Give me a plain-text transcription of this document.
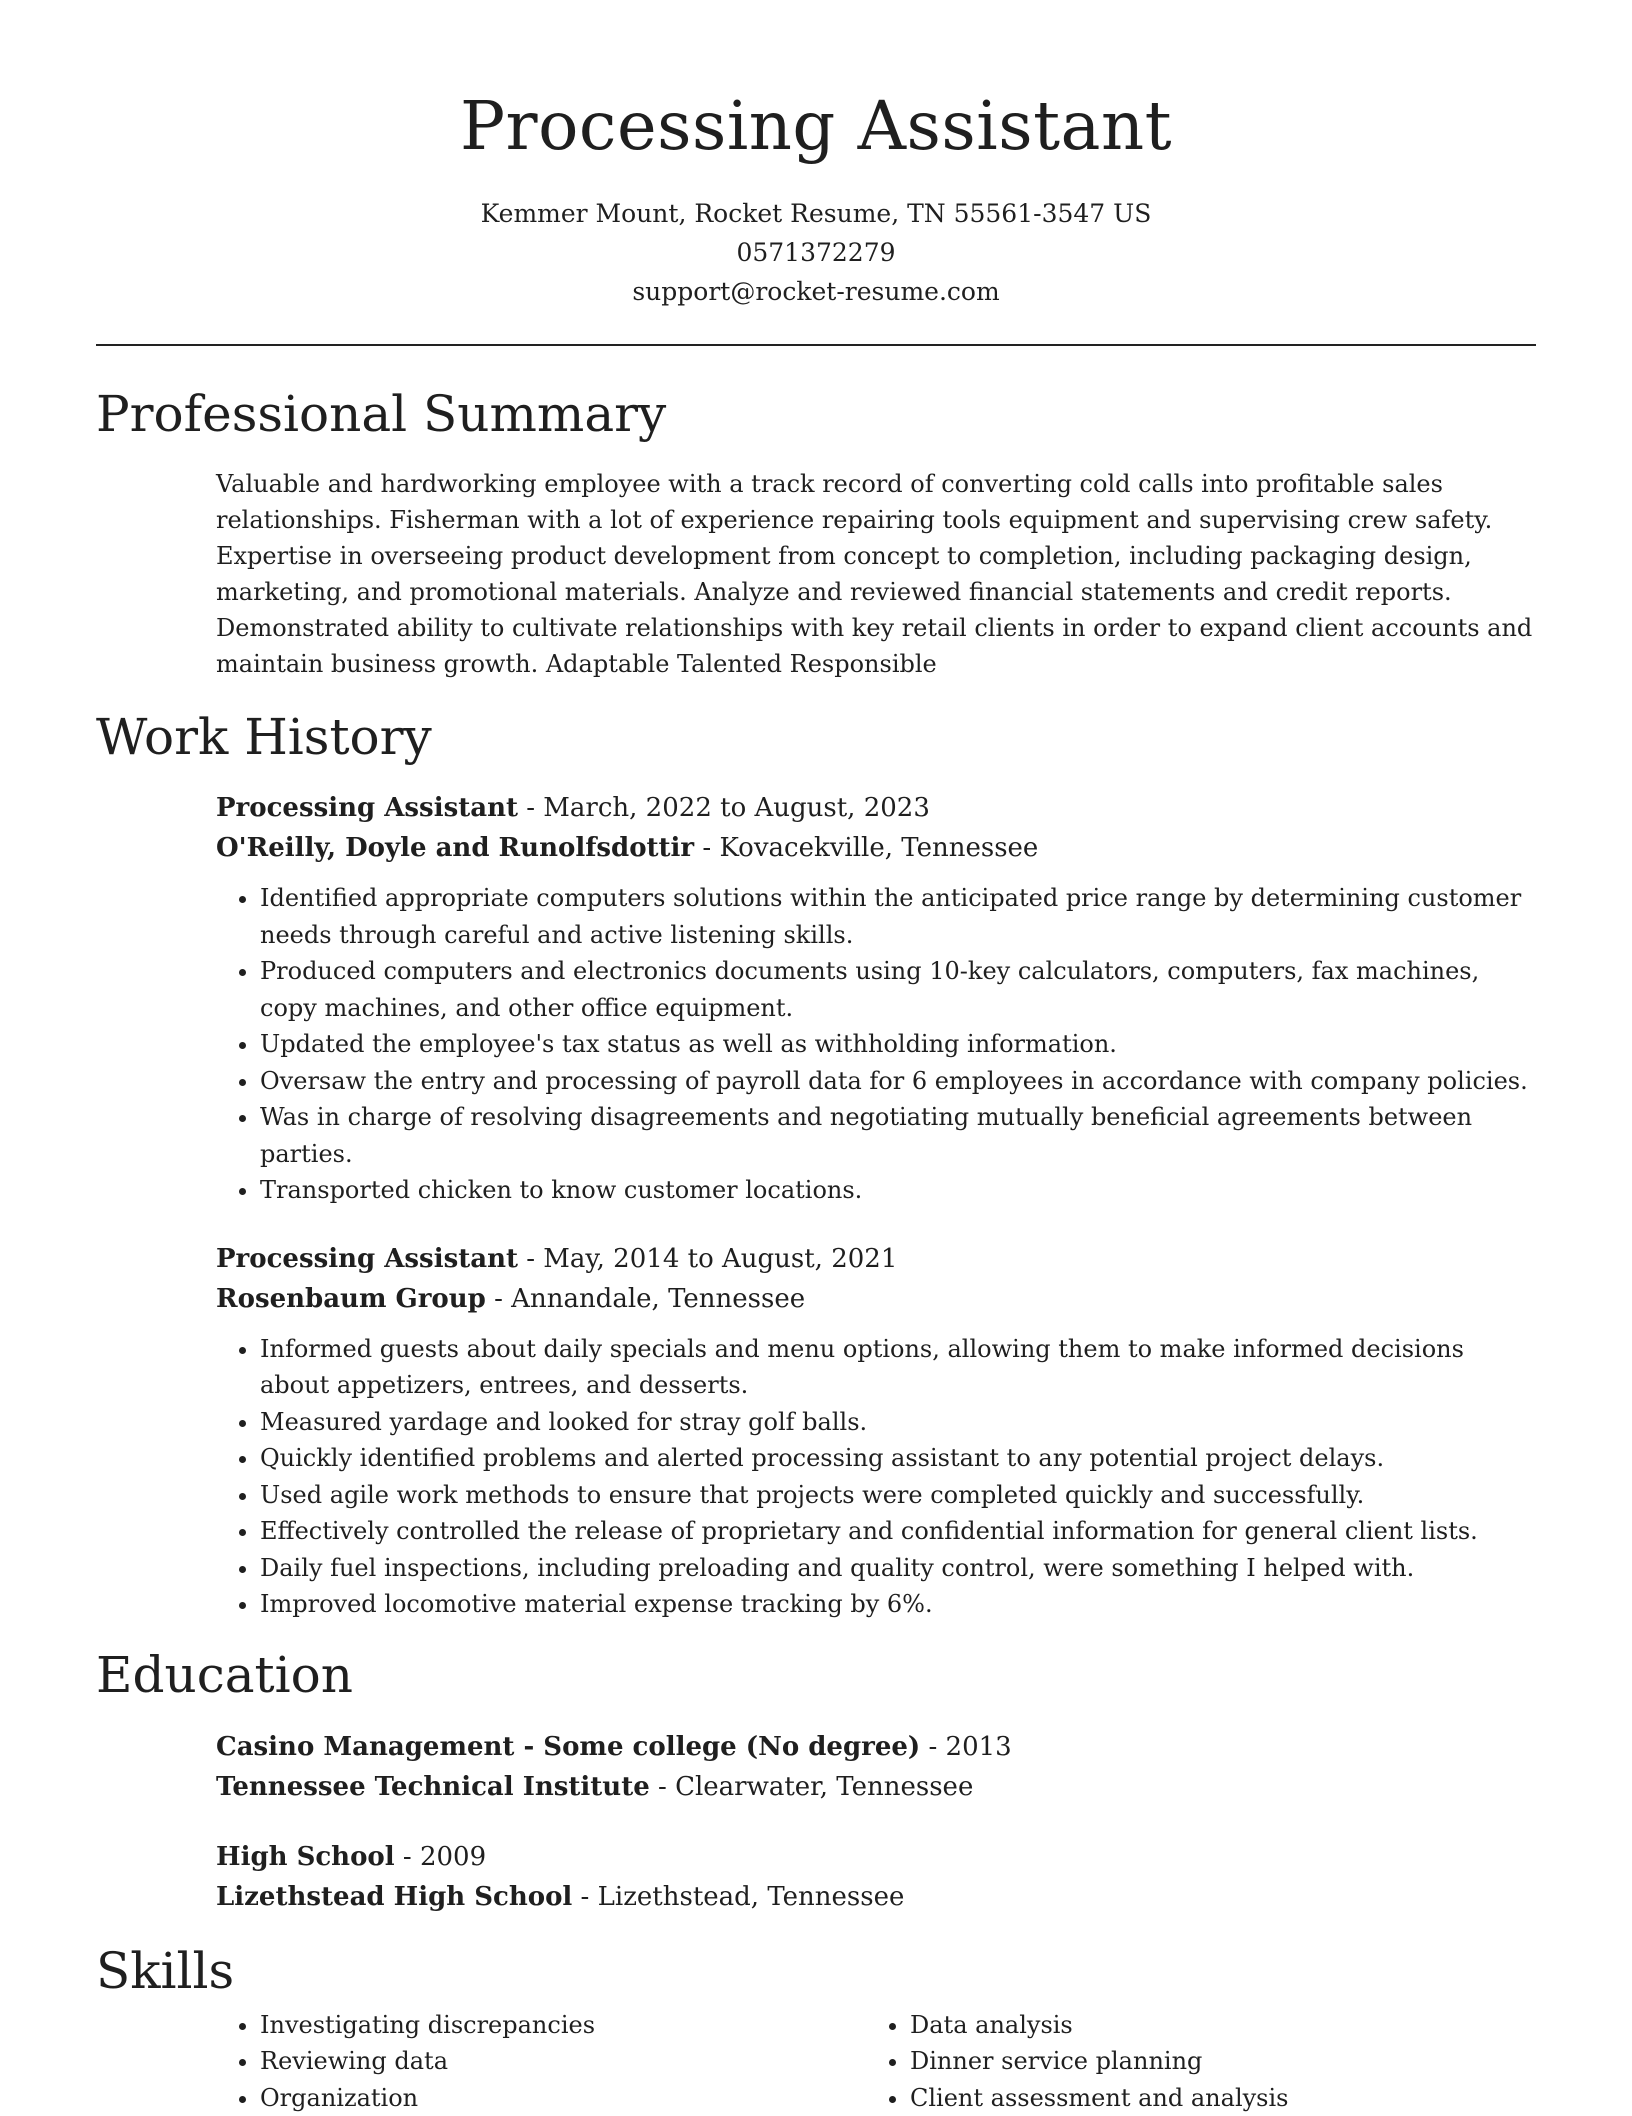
Processing Assistant
Kemmer Mount, Rocket Resume, TN 55561-3547 US
0571372279
support@rocket-resume.com
Professional Summary
Valuable and hardworking employee with a track record of converting cold calls into profitable sales relationships. Fisherman with a lot of experience repairing tools equipment and supervising crew safety. Expertise in overseeing product development from concept to completion, including packaging design, marketing, and promotional materials. Analyze and reviewed financial statements and credit reports. Demonstrated ability to cultivate relationships with key retail clients in order to expand client accounts and maintain business growth. Adaptable Talented Responsible
Work History
Processing Assistant - March, 2022 to August, 2023
O'Reilly, Doyle and Runolfsdottir - Kovacekville, Tennessee
• Identified appropriate computers solutions within the anticipated price range by determining customer needs through careful and active listening skills.
• Produced computers and electronics documents using 10-key calculators, computers, fax machines, copy machines, and other office equipment.
• Updated the employee's tax status as well as withholding information.
• Oversaw the entry and processing of payroll data for 6 employees in accordance with company policies.
• Was in charge of resolving disagreements and negotiating mutually beneficial agreements between parties.
• Transported chicken to know customer locations.
Processing Assistant - May, 2014 to August, 2021
Rosenbaum Group - Annandale, Tennessee
• Informed guests about daily specials and menu options, allowing them to make informed decisions about appetizers, entrees, and desserts.
• Measured yardage and looked for stray golf balls.
• Quickly identified problems and alerted processing assistant to any potential project delays.
• Used agile work methods to ensure that projects were completed quickly and successfully.
• Effectively controlled the release of proprietary and confidential information for general client lists.
• Daily fuel inspections, including preloading and quality control, were something I helped with.
• Improved locomotive material expense tracking by 6%.
Education
Casino Management - Some college (No degree) - 2013
Tennessee Technical Institute - Clearwater, Tennessee
High School - 2009
Lizethstead High School - Lizethstead, Tennessee
Skills
• Investigating discrepancies
• Reviewing data
• Organization
• Data analysis
• Dinner service planning
• Client assessment and analysis
